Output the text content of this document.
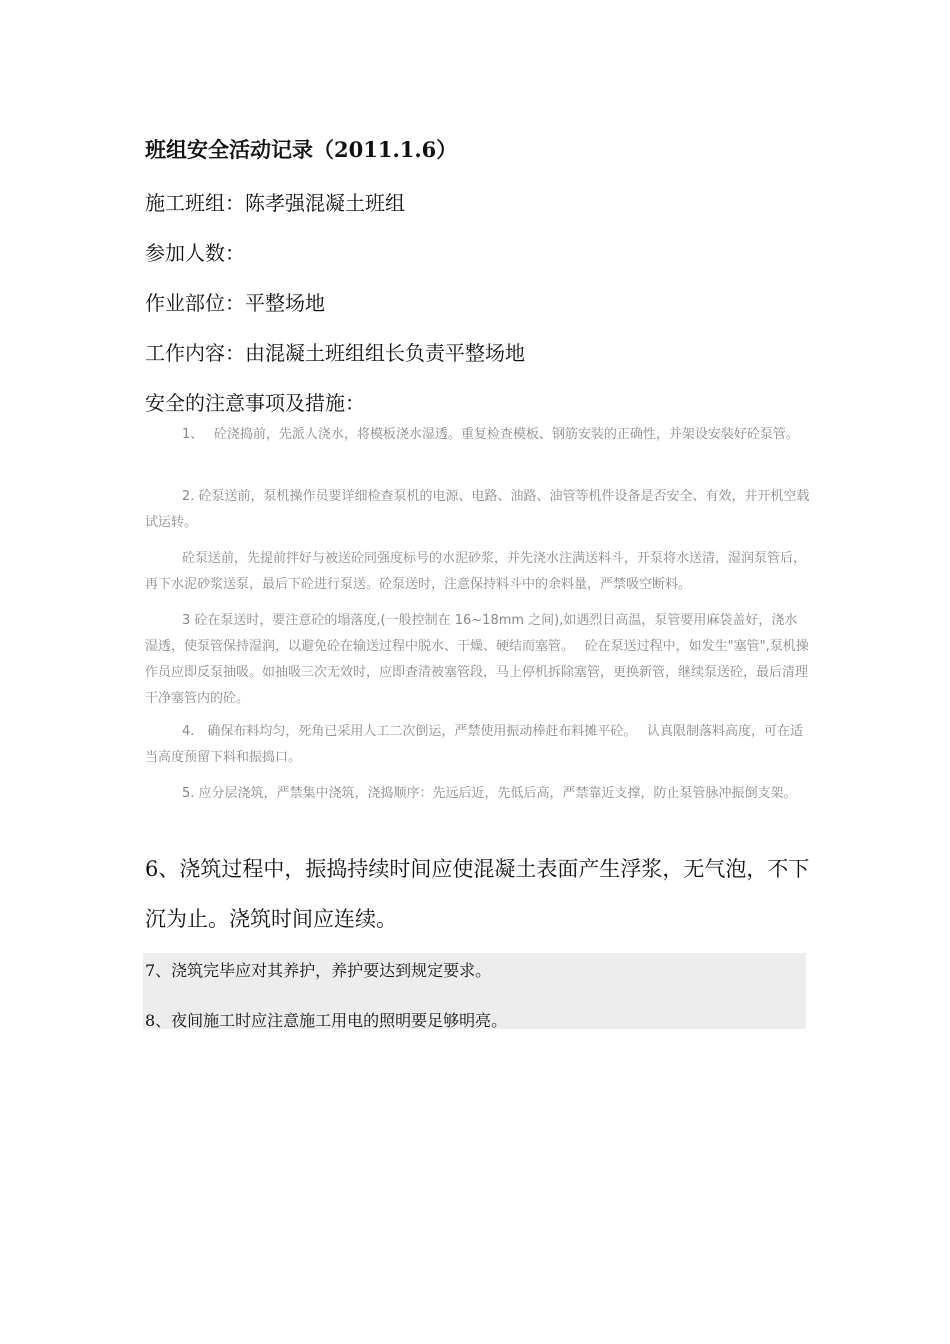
班组安全活动记录（2011.1.6）
施工班组：陈孝强混凝土班组
参加人数：
作业部位：平整场地
工作内容：由混凝土班组组长负责平整场地
安全的注意事项及措施：
1、　 砼浇捣前，先派人浇水，将模板浇水湿透。重复检查模板、钢筋安装的正确性，并架设安装好砼泵管。
2. 砼泵送前，泵机操作员要详细检查泵机的电源、电路、油路、油管等机件设备是否安全、有效，并开机空载试运转。
砼泵送前，先提前拌好与被送砼同强度标号的水泥砂浆，并先浇水注满送料斗，开泵将水送清，湿润泵管后，再下水泥砂浆送泵，最后下砼进行泵送。砼泵送时，注意保持料斗中的余料量，严禁吸空断料。
3 砼在泵送时，要注意砼的塌落度,(一般控制在 16~18mm 之间),如遇烈日高温，泵管要用麻袋盖好，浇水湿透，使泵管保持湿润，以避免砼在输送过程中脱水、干燥、硬结而塞管。　 砼在泵送过程中，如发生"塞管",泵机操作员应即反泵抽吸。如抽吸三次无效时，应即查清被塞管段，马上停机拆除塞管，更换新管，继续泵送砼，最后清理干净塞管内的砼。
4.　确保布料均匀，死角已采用人工二次倒运，严禁使用振动棒赶布料摊平砼。　 认真限制落料高度，可在适当高度预留下料和振捣口。
5. 应分层浇筑，严禁集中浇筑，浇捣顺序：先远后近，先低后高，严禁靠近支撑，防止泵管脉冲振倒支架。
6、浇筑过程中，振捣持续时间应使混凝土表面产生浮浆，无气泡，不下沉为止。浇筑时间应连续。
7、浇筑完毕应对其养护，养护要达到规定要求。
8、夜间施工时应注意施工用电的照明要足够明亮。
